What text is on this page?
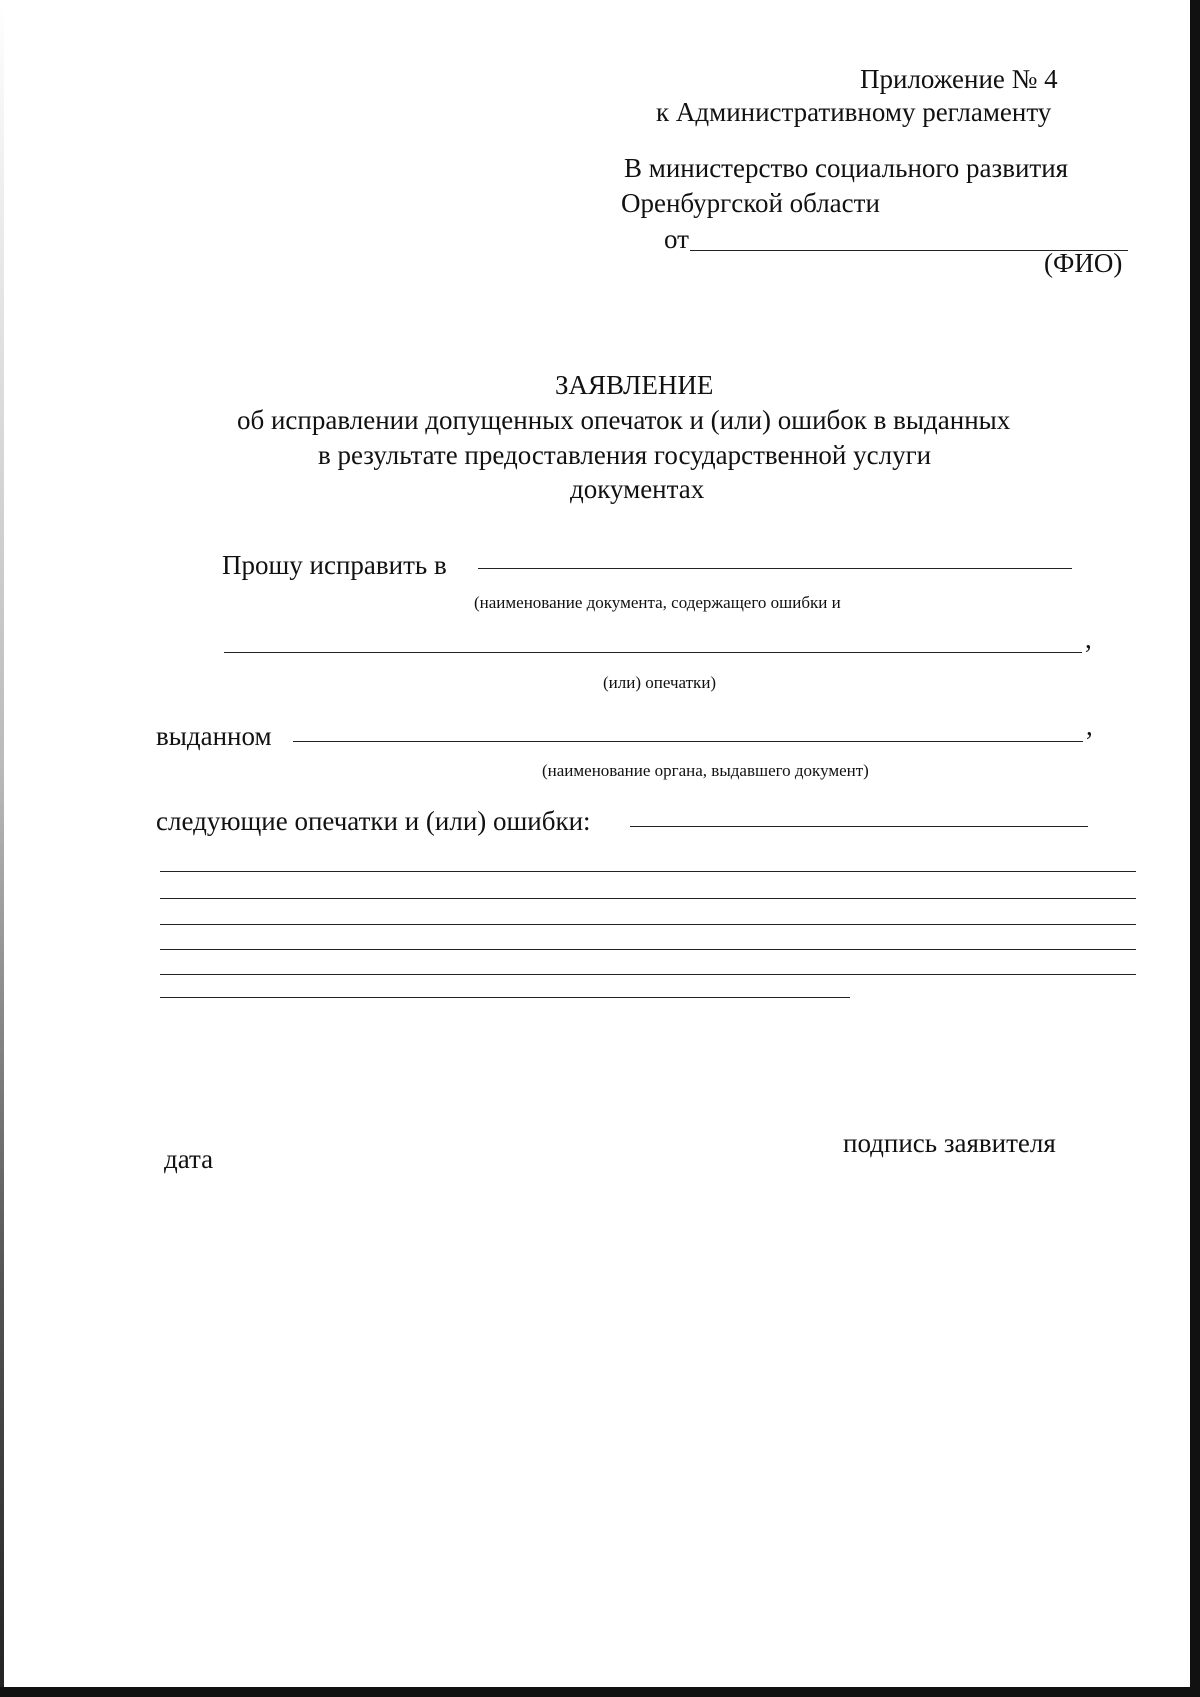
Приложение № 4
к Административному регламенту
В министерство социального развития
Оренбургской области
от
(ФИО)
ЗАЯВЛЕНИЕ
об исправлении допущенных опечаток и (или) ошибок в выданных
в результате предоставления государственной услуги
документах
Прошу исправить в
(наименование документа, содержащего ошибки и
,
(или) опечатки)
выданном	,
(наименование органа, выдавшего документ)
следующие опечатки и (или) ошибки:
дата
подпись заявителя
